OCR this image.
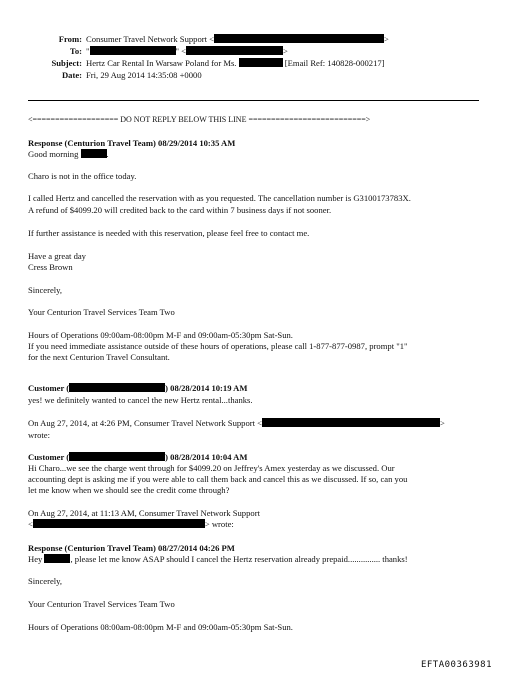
From: Consumer Travel Network Support <	>
To: "	" <	>
Subject: Hertz Car Rental In Warsaw Poland for Ms.	[Email Ref: 140828-000217]
Date: Fri, 29 Aug 2014 14:35:08 +0000
<=================== DO NOT REPLY BELOW THIS LINE ==========================>
Response (Centurion Travel Team) 08/29/2014 10:35 AM
Good morning	.
Charo is not in the office today.
I called Hertz and cancelled the reservation with as you requested. The cancellation number is G3100173783X.
A refund of $4099.20 will credited back to the card within 7 business days if not sooner.
If further assistance is needed with this reservation, please feel free to contact me.
Have a great day
Cress Brown
Sincerely,
Your Centurion Travel Services Team Two
Hours of Operations 09:00am-08:00pm M-F and 09:00am-05:30pm Sat-Sun.
If you need immediate assistance outside of these hours of operations, please call 1-877-877-0987, prompt "1"
for the next Centurion Travel Consultant.
Customer (	) 08/28/2014 10:19 AM
yes! we definitely wanted to cancel the new Hertz rental...thanks.
On Aug 27, 2014, at 4:26 PM, Consumer Travel Network Support <	>
wrote:
Customer (	) 08/28/2014 10:04 AM
Hi Charo...we see the charge went through for $4099.20 on Jeffrey's Amex yesterday as we discussed. Our
accounting dept is asking me if you were able to call them back and cancel this as we discussed. If so, can you
let me know when we should see the credit come through?
On Aug 27, 2014, at 11:13 AM, Consumer Travel Network Support
<	> wrote:
Response (Centurion Travel Team) 08/27/2014 04:26 PM
Hey	, please let me know ASAP should I cancel the Hertz reservation already prepaid............... thanks!
Sincerely,
Your Centurion Travel Services Team Two
Hours of Operations 08:00am-08:00pm M-F and 09:00am-05:30pm Sat-Sun.
EFTA00363981
